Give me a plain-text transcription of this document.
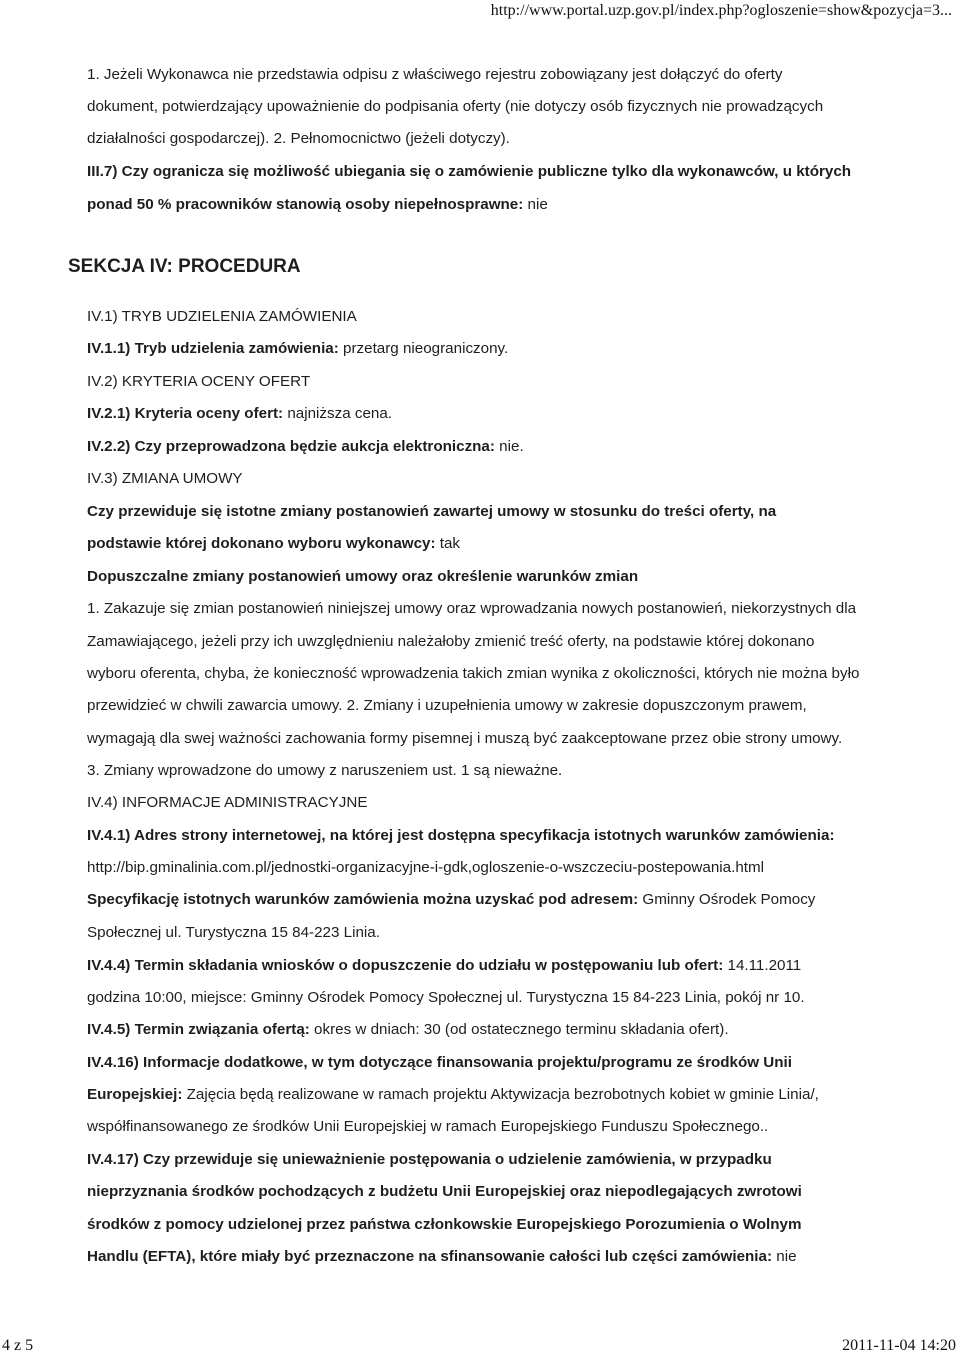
http://www.portal.uzp.gov.pl/index.php?ogloszenie=show&pozycja=3...
1. Jeżeli Wykonawca nie przedstawia odpisu z właściwego rejestru zobowiązany jest dołączyć do oferty
dokument, potwierdzający upoważnienie do podpisania oferty (nie dotyczy osób fizycznych nie prowadzących
działalności gospodarczej). 2. Pełnomocnictwo (jeżeli dotyczy).
III.7) Czy ogranicza się możliwość ubiegania się o zamówienie publiczne tylko dla wykonawców, u których
ponad 50 % pracowników stanowią osoby niepełnosprawne: nie
SEKCJA IV: PROCEDURA
IV.1) TRYB UDZIELENIA ZAMÓWIENIA
IV.1.1) Tryb udzielenia zamówienia: przetarg nieograniczony.
IV.2) KRYTERIA OCENY OFERT
IV.2.1) Kryteria oceny ofert: najniższa cena.
IV.2.2) Czy przeprowadzona będzie aukcja elektroniczna: nie.
IV.3) ZMIANA UMOWY
Czy przewiduje się istotne zmiany postanowień zawartej umowy w stosunku do treści oferty, na
podstawie której dokonano wyboru wykonawcy: tak
Dopuszczalne zmiany postanowień umowy oraz określenie warunków zmian
1. Zakazuje się zmian postanowień niniejszej umowy oraz wprowadzania nowych postanowień, niekorzystnych dla
Zamawiającego, jeżeli przy ich uwzględnieniu należałoby zmienić treść oferty, na podstawie której dokonano
wyboru oferenta, chyba, że konieczność wprowadzenia takich zmian wynika z okoliczności, których nie można było
przewidzieć w chwili zawarcia umowy. 2. Zmiany i uzupełnienia umowy w zakresie dopuszczonym prawem,
wymagają dla swej ważności zachowania formy pisemnej i muszą być zaakceptowane przez obie strony umowy.
3. Zmiany wprowadzone do umowy z naruszeniem ust. 1 są nieważne.
IV.4) INFORMACJE ADMINISTRACYJNE
IV.4.1) Adres strony internetowej, na której jest dostępna specyfikacja istotnych warunków zamówienia:
http://bip.gminalinia.com.pl/jednostki-organizacyjne-i-gdk,ogloszenie-o-wszczeciu-postepowania.html
Specyfikację istotnych warunków zamówienia można uzyskać pod adresem: Gminny Ośrodek Pomocy
Społecznej ul. Turystyczna 15 84-223 Linia.
IV.4.4) Termin składania wniosków o dopuszczenie do udziału w postępowaniu lub ofert: 14.11.2011
godzina 10:00, miejsce: Gminny Ośrodek Pomocy Społecznej ul. Turystyczna 15 84-223 Linia, pokój nr 10.
IV.4.5) Termin związania ofertą: okres w dniach: 30 (od ostatecznego terminu składania ofert).
IV.4.16) Informacje dodatkowe, w tym dotyczące finansowania projektu/programu ze środków Unii
Europejskiej: Zajęcia będą realizowane w ramach projektu Aktywizacja bezrobotnych kobiet w gminie Linia/,
współfinansowanego ze środków Unii Europejskiej w ramach Europejskiego Funduszu Społecznego..
IV.4.17) Czy przewiduje się unieważnienie postępowania o udzielenie zamówienia, w przypadku
nieprzyznania środków pochodzących z budżetu Unii Europejskiej oraz niepodlegających zwrotowi
środków z pomocy udzielonej przez państwa członkowskie Europejskiego Porozumienia o Wolnym
Handlu (EFTA), które miały być przeznaczone na sfinansowanie całości lub części zamówienia: nie
4 z 5	2011-11-04 14:20
